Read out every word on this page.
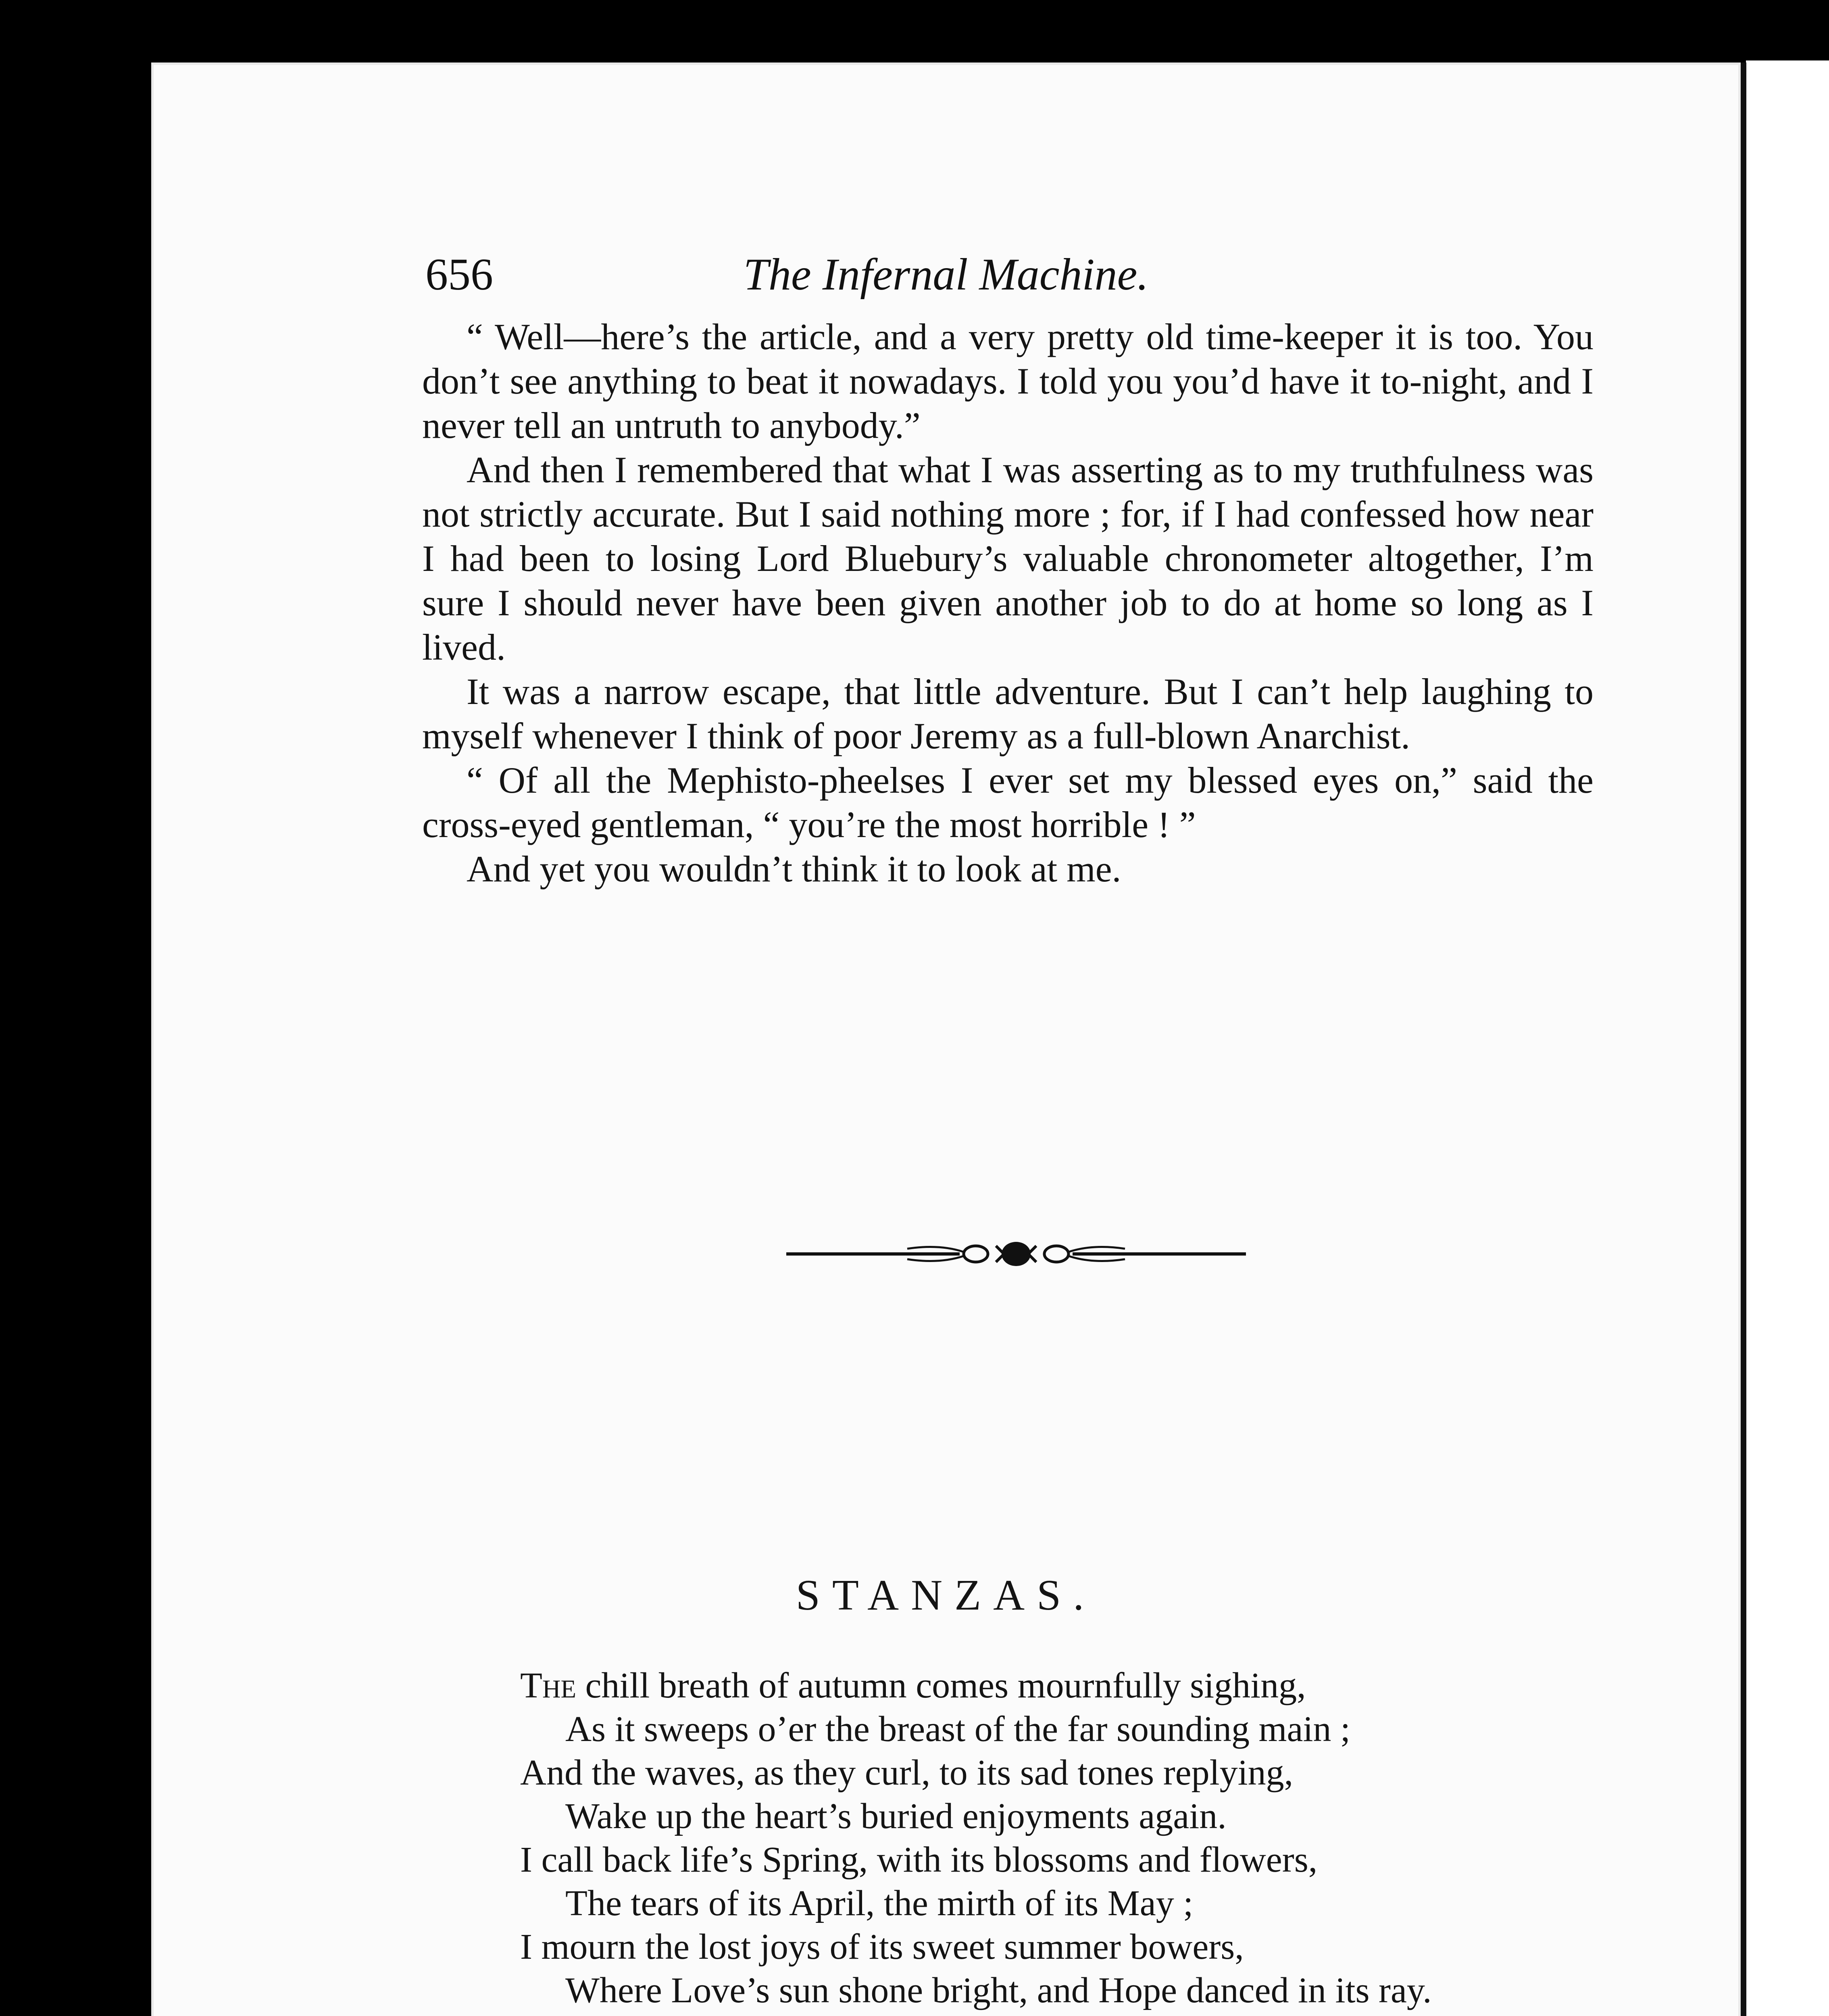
656	The Infernal Machine.

“ Well—here’s the article, and a very pretty old time-keeper it is too. You don’t see anything to beat it nowadays. I told you you’d have it to-night, and I never tell an untruth to anybody.”

And then I remembered that what I was asserting as to my truthfulness was not strictly accurate. But I said nothing more ; for, if I had confessed how near I had been to losing Lord Bluebury’s valuable chronometer altogether, I’m sure I should never have been given another job to do at home so long as I lived.

It was a narrow escape, that little adventure. But I can’t help laughing to myself whenever I think of poor Jeremy as a full-blown Anarchist.

“ Of all the Mephisto-pheelses I ever set my blessed eyes on,” said the cross-eyed gentleman, “ you’re the most horrible ! ”

And yet you wouldn’t think it to look at me.

STANZAS.
The chill breath of autumn comes mournfully sighing,
As it sweeps o’er the breast of the far sounding main ;
And the waves, as they curl, to its sad tones replying,
Wake up the heart’s buried enjoyments again.
I call back life’s Spring, with its blossoms and flowers,
The tears of its April, the mirth of its May ;
I mourn the lost joys of its sweet summer bowers,
Where Love’s sun shone bright, and Hope danced in its ray.
